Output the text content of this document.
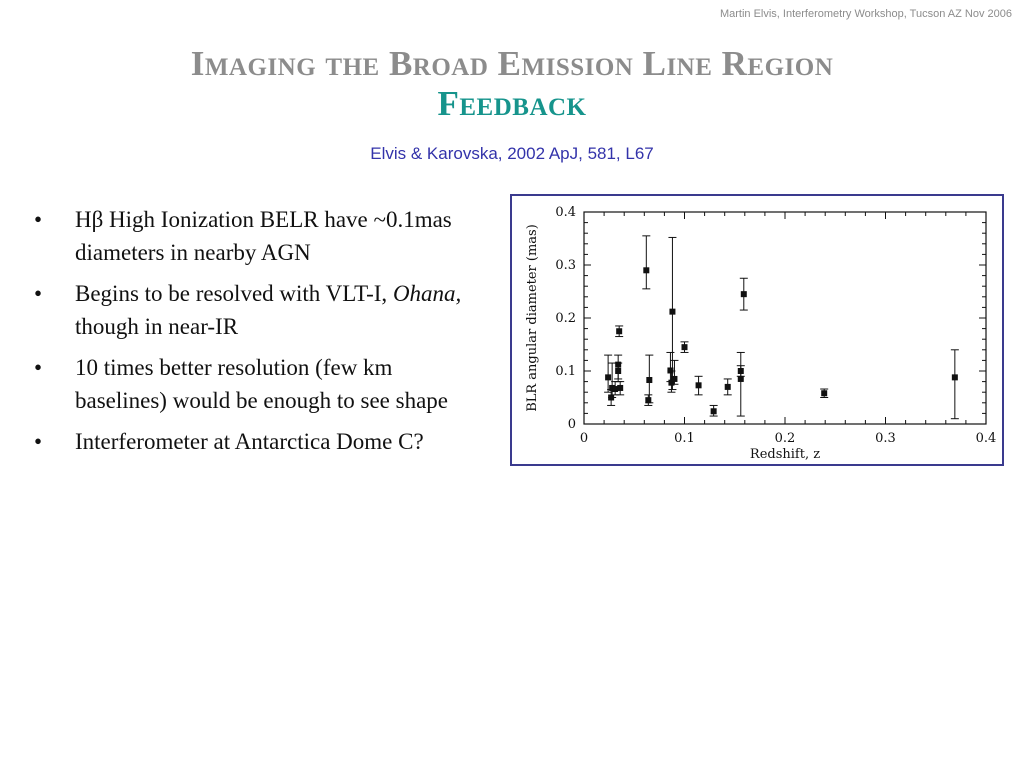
Martin Elvis, Interferometry Workshop, Tucson AZ Nov 2006
Imaging the Broad Emission Line Region
Feedback
Elvis & Karovska, 2002 ApJ, 581, L67
• Hβ High Ionization BELR have ~0.1mas diameters in nearby AGN
• Begins to be resolved with VLT-I, Ohana, though in near-IR
• 10 times better resolution (few km baselines) would be enough to see shape
• Interferometer at Antarctica Dome C?
0
0.1
0.2
0.3
0.4
0	0.1	0.2	0.3	0.4
Redshift, z
BLR angular diameter (mas)
